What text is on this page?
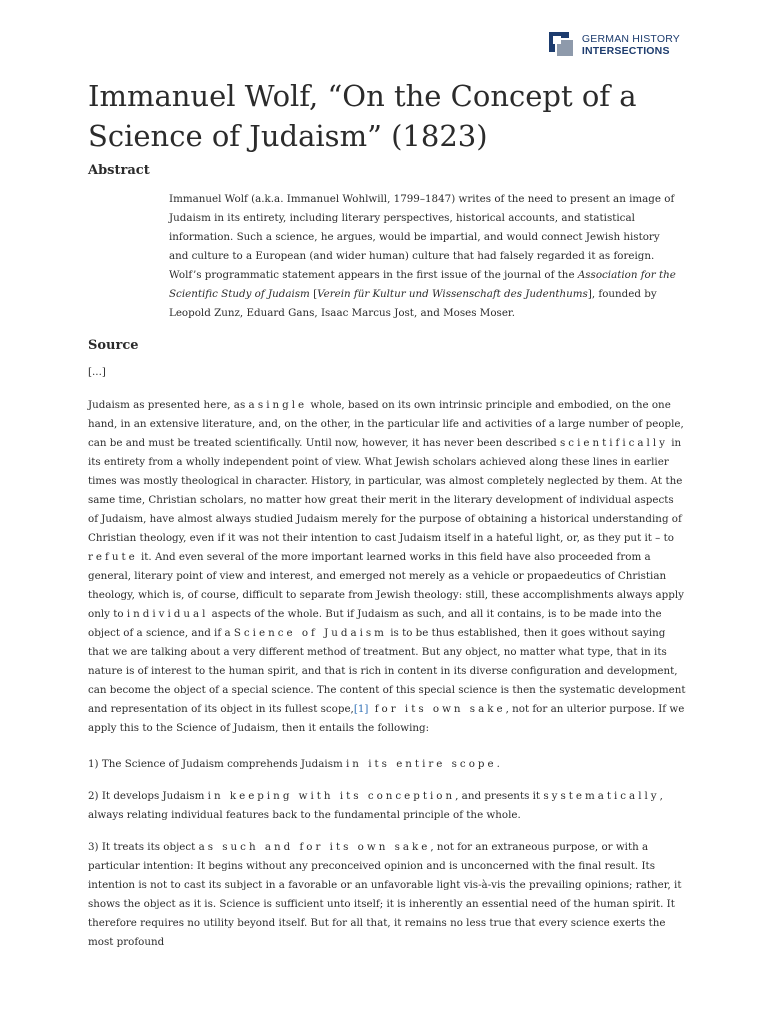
GERMAN HISTORY
INTERSECTIONS
Immanuel Wolf, “On the Concept of a Science of Judaism” (1823)
Abstract
Immanuel Wolf (a.k.a. Immanuel Wohlwill, 1799–1847) writes of the need to present an image of Judaism in its entirety, including literary perspectives, historical accounts, and statistical information. Such a science, he argues, would be impartial, and would connect Jewish history and culture to a European (and wider human) culture that had falsely regarded it as foreign. Wolf’s programmatic statement appears in the first issue of the journal of the Association for the Scientific Study of Judaism [Verein für Kultur und Wissenschaft des Judenthums], founded by Leopold Zunz, Eduard Gans, Isaac Marcus Jost, and Moses Moser.
Source
[...]

Judaism as presented here, as a single whole, based on its own intrinsic principle and embodied, on the one hand, in an extensive literature, and, on the other, in the particular life and activities of a large number of people, can be and must be treated scientifically. Until now, however, it has never been described scientifically in its entirety from a wholly independent point of view. What Jewish scholars achieved along these lines in earlier times was mostly theological in character. History, in particular, was almost completely neglected by them. At the same time, Christian scholars, no matter how great their merit in the literary development of individual aspects of Judaism, have almost always studied Judaism merely for the purpose of obtaining a historical understanding of Christian theology, even if it was not their intention to cast Judaism itself in a hateful light, or, as they put it – to refute it. And even several of the more important learned works in this field have also proceeded from a general, literary point of view and interest, and emerged not merely as a vehicle or propaedeutics of Christian theology, which is, of course, difficult to separate from Jewish theology: still, these accomplishments always apply only to individual aspects of the whole. But if Judaism as such, and all it contains, is to be made into the object of a science, and if a Science of Judaism is to be thus established, then it goes without saying that we are talking about a very different method of treatment. But any object, no matter what type, that in its nature is of interest to the human spirit, and that is rich in content in its diverse configuration and development, can become the object of a special science. The content of this special science is then the systematic development and representation of its object in its fullest scope,[1] for its own sake, not for an ulterior purpose. If we apply this to the Science of Judaism, then it entails the following:

1) The Science of Judaism comprehends Judaism in its entire scope.

2) It develops Judaism in keeping with its conception, and presents it systematically, always relating individual features back to the fundamental principle of the whole.

3) It treats its object as such and for its own sake, not for an extraneous purpose, or with a particular intention: It begins without any preconceived opinion and is unconcerned with the final result. Its intention is not to cast its subject in a favorable or an unfavorable light vis-à-vis the prevailing opinions; rather, it shows the object as it is. Science is sufficient unto itself; it is inherently an essential need of the human spirit. It therefore requires no utility beyond itself. But for all that, it remains no less true that every science exerts the most profound
